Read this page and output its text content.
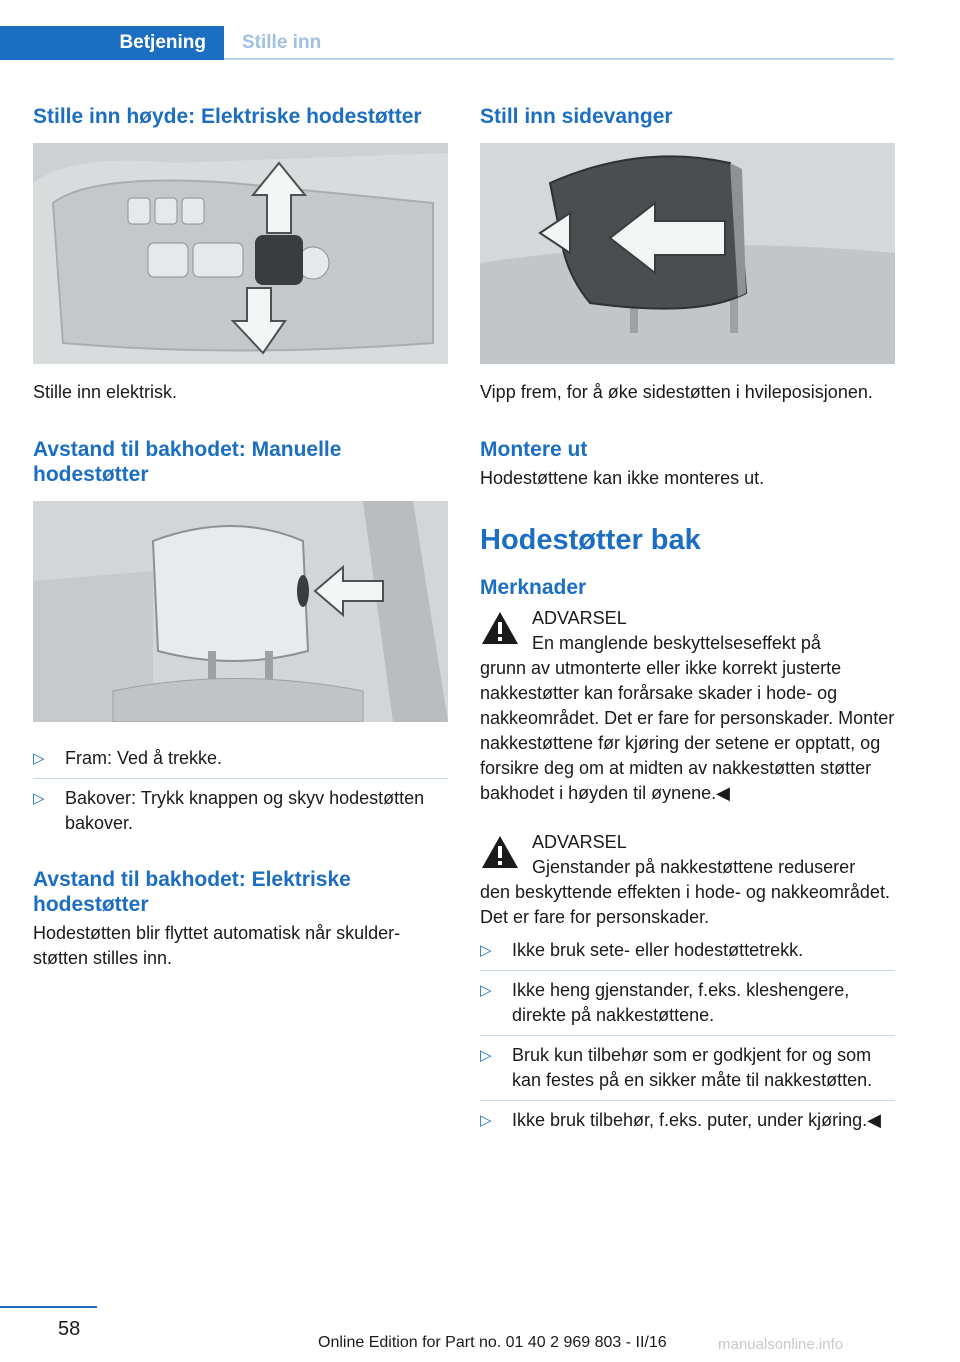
Betjening Stille inn
Stille inn høyde: Elektriske hodestøtter

Stille inn elektrisk.

Avstand til bakhodet: Manuelle hodestøtter
▷ Fram: Ved å trekke.
▷ Bakover: Trykk knappen og skyv hodestøtten bakover.
Avstand til bakhodet: Elektriske hodestøtter

Hodestøtten blir flyttet automatisk når skulderstøtten stilles inn.

Still inn sidevanger

Vipp frem, for å øke sidestøtten i hvileposisjonen.

Montere ut

Hodestøttene kan ikke monteres ut.

Hodestøtter bak
Merknader
ADVARSEL
En manglende beskyttelseseffekt på
grunn av utmonterte eller ikke korrekt justerte nakkestøtter kan forårsake skader i hode- og nakkeområdet. Det er fare for personskader. Monter nakkestøttene før kjøring der setene er opptatt, og forsikre deg om at midten av nakkestøtten støtter bakhodet i høyden til øynene.◀
ADVARSEL
Gjenstander på nakkestøttene reduserer
den beskyttende effekten i hode- og nakkeområdet. Det er fare for personskader.
▷ Ikke bruk sete- eller hodestøttetrekk.
▷ Ikke heng gjenstander, f.eks. kleshengere, direkte på nakkestøttene.
▷ Bruk kun tilbehør som er godkjent for og som kan festes på en sikker måte til nakkestøtten.
▷ Ikke bruk tilbehør, f.eks. puter, under kjøring.◀
58
Online Edition for Part no. 01 40 2 969 803 - II/16	manualsonline.info
